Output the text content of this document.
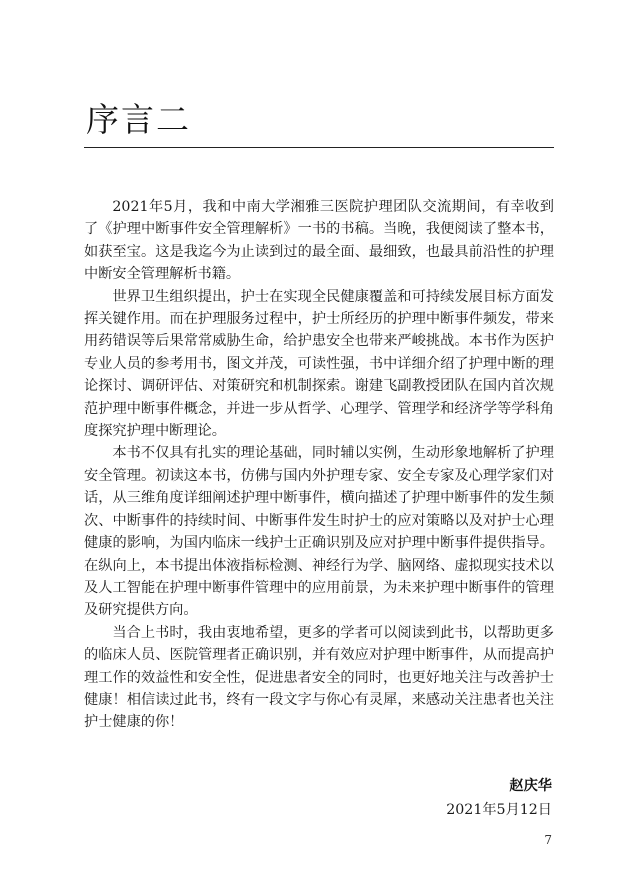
序言二

2021年5月，我和中南大学湘雅三医院护理团队交流期间，有幸收到了《护理中断事件安全管理解析》一书的书稿。当晚，我便阅读了整本书，如获至宝。这是我迄今为止读到过的最全面、最细致，也最具前沿性的护理中断安全管理解析书籍。

世界卫生组织提出，护士在实现全民健康覆盖和可持续发展目标方面发挥关键作用。而在护理服务过程中，护士所经历的护理中断事件频发，带来用药错误等后果常常威胁生命，给护患安全也带来严峻挑战。本书作为医护专业人员的参考用书，图文并茂，可读性强，书中详细介绍了护理中断的理论探讨、调研评估、对策研究和机制探索。谢建飞副教授团队在国内首次规范护理中断事件概念，并进一步从哲学、心理学、管理学和经济学等学科角度探究护理中断理论。

本书不仅具有扎实的理论基础，同时辅以实例，生动形象地解析了护理安全管理。初读这本书，仿佛与国内外护理专家、安全专家及心理学家们对话，从三维角度详细阐述护理中断事件，横向描述了护理中断事件的发生频次、中断事件的持续时间、中断事件发生时护士的应对策略以及对护士心理健康的影响，为国内临床一线护士正确识别及应对护理中断事件提供指导。在纵向上，本书提出体液指标检测、神经行为学、脑网络、虚拟现实技术以及人工智能在护理中断事件管理中的应用前景，为未来护理中断事件的管理及研究提供方向。

当合上书时，我由衷地希望，更多的学者可以阅读到此书，以帮助更多的临床人员、医院管理者正确识别，并有效应对护理中断事件，从而提高护理工作的效益性和安全性，促进患者安全的同时，也更好地关注与改善护士健康！相信读过此书，终有一段文字与你心有灵犀，来感动关注患者也关注护士健康的你！

赵庆华
2021年5月12日
7
